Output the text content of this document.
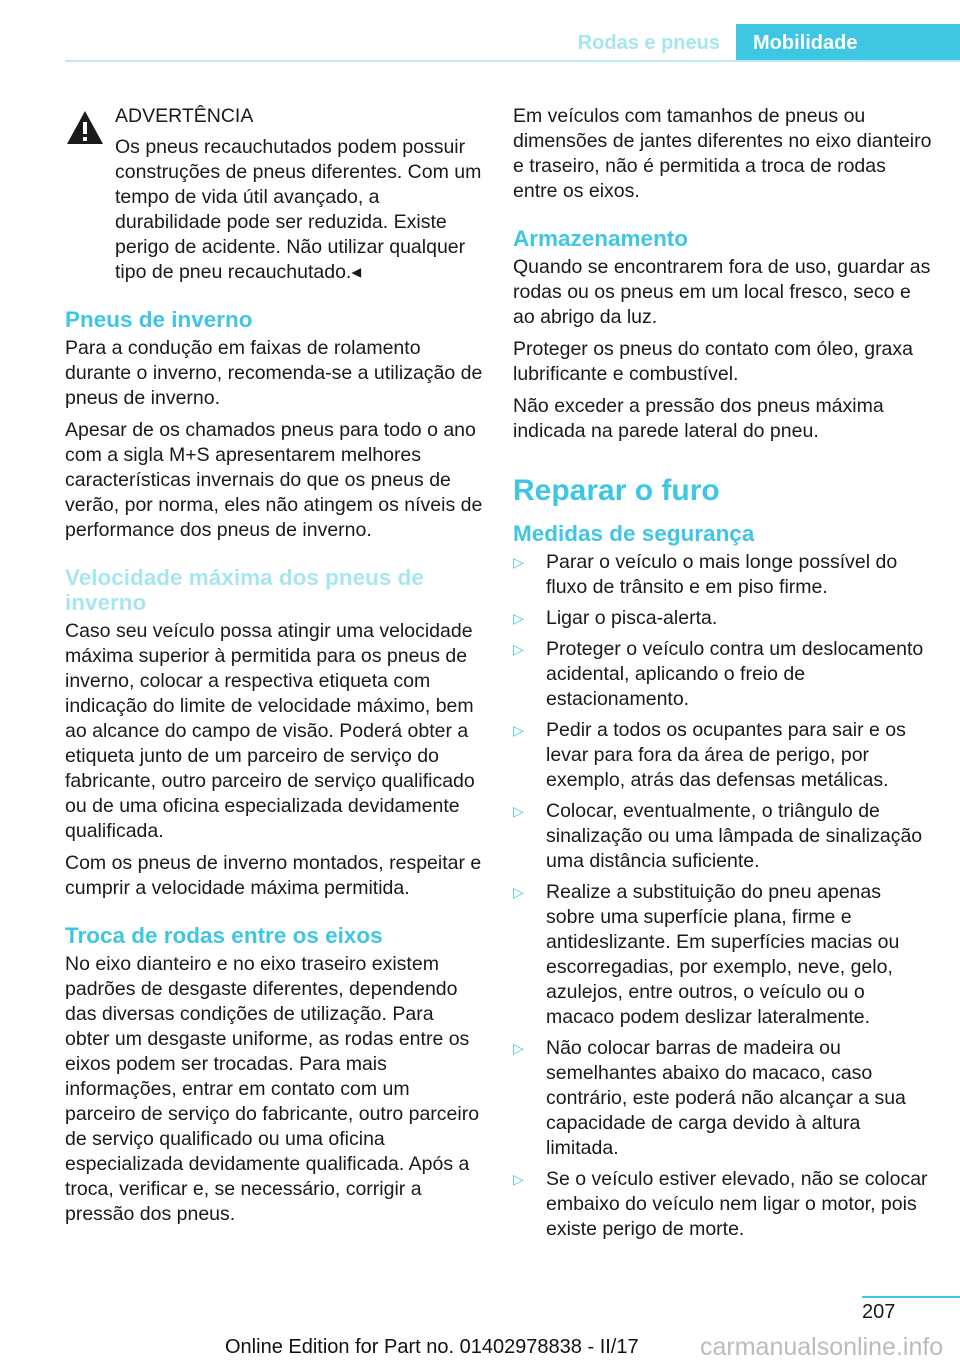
Rodas e pneus	Mobilidade

ADVERTÊNCIA

Os pneus recauchutados podem possuir construções de pneus diferentes. Com um tempo de vida útil avançado, a durabilidade pode ser reduzida. Existe perigo de acidente. Não utilizar qualquer tipo de pneu recauchutado.◂

Pneus de inverno

Para a condução em faixas de rolamento durante o inverno, recomenda-se a utilização de pneus de inverno.

Apesar de os chamados pneus para todo o ano com a sigla M+S apresentarem melhores características invernais do que os pneus de verão, por norma, eles não atingem os níveis de performance dos pneus de inverno.

Velocidade máxima dos pneus de inverno

Caso seu veículo possa atingir uma velocidade máxima superior à permitida para os pneus de inverno, colocar a respectiva etiqueta com indicação do limite de velocidade máximo, bem ao alcance do campo de visão. Poderá obter a etiqueta junto de um parceiro de serviço do fabricante, outro parceiro de serviço qualificado ou de uma oficina especializada devidamente qualificada.

Com os pneus de inverno montados, respeitar e cumprir a velocidade máxima permitida.

Troca de rodas entre os eixos

No eixo dianteiro e no eixo traseiro existem padrões de desgaste diferentes, dependendo das diversas condições de utilização. Para obter um desgaste uniforme, as rodas entre os eixos podem ser trocadas. Para mais informações, entrar em contato com um parceiro de serviço do fabricante, outro parceiro de serviço qualificado ou uma oficina especializada devidamente qualificada. Após a troca, verificar e, se necessário, corrigir a pressão dos pneus.

Em veículos com tamanhos de pneus ou dimensões de jantes diferentes no eixo dianteiro e traseiro, não é permitida a troca de rodas entre os eixos.

Armazenamento

Quando se encontrarem fora de uso, guardar as rodas ou os pneus em um local fresco, seco e ao abrigo da luz.

Proteger os pneus do contato com óleo, graxa lubrificante e combustível.

Não exceder a pressão dos pneus máxima indicada na parede lateral do pneu.

Reparar o furo
Medidas de segurança
▷ Parar o veículo o mais longe possível do fluxo de trânsito e em piso firme.
▷ Ligar o pisca-alerta.
▷ Proteger o veículo contra um deslocamento acidental, aplicando o freio de estacionamento.
▷ Pedir a todos os ocupantes para sair e os levar para fora da área de perigo, por exemplo, atrás das defensas metálicas.
▷ Colocar, eventualmente, o triângulo de sinalização ou uma lâmpada de sinalização uma distância suficiente.
▷ Realize a substituição do pneu apenas sobre uma superfície plana, firme e antideslizante. Em superfícies macias ou escorregadias, por exemplo, neve, gelo, azulejos, entre outros, o veículo ou o macaco podem deslizar lateralmente.
▷ Não colocar barras de madeira ou semelhantes abaixo do macaco, caso contrário, este poderá não alcançar a sua capacidade de carga devido à altura limitada.
▷ Se o veículo estiver elevado, não se colocar embaixo do veículo nem ligar o motor, pois existe perigo de morte.
207
Online Edition for Part no. 01402978838 - II/17 carmanualsonline.info
